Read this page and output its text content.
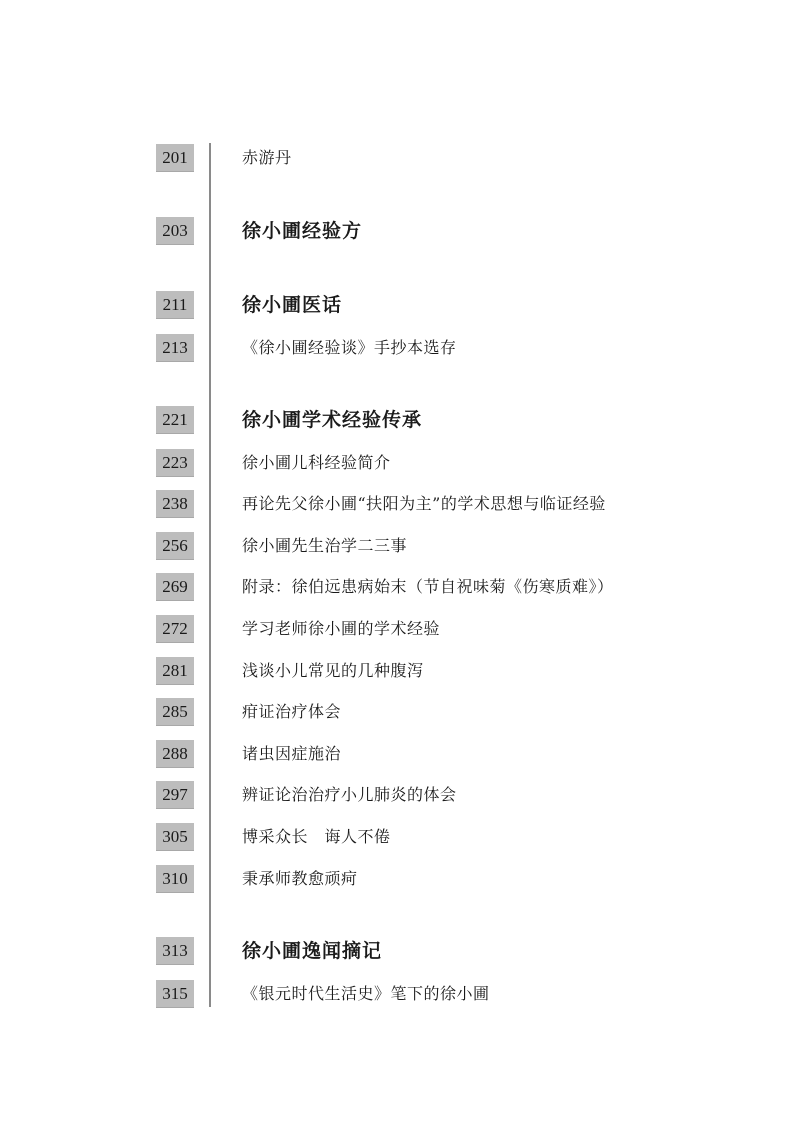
201	赤游丹
203	徐小圃经验方
211	徐小圃医话
213	《徐小圃经验谈》手抄本选存
221	徐小圃学术经验传承
223	徐小圃儿科经验简介
238	再论先父徐小圃“扶阳为主”的学术思想与临证经验
256	徐小圃先生治学二三事
269	附录：徐伯远患病始末（节自祝味菊《伤寒质难》）
272	学习老师徐小圃的学术经验
281	浅谈小儿常见的几种腹泻
285	疳证治疗体会
288	诸虫因症施治
297	辨证论治治疗小儿肺炎的体会
305	博采众长　诲人不倦
310	秉承师教愈顽疴
313	徐小圃逸闻摘记
315	《银元时代生活史》笔下的徐小圃
